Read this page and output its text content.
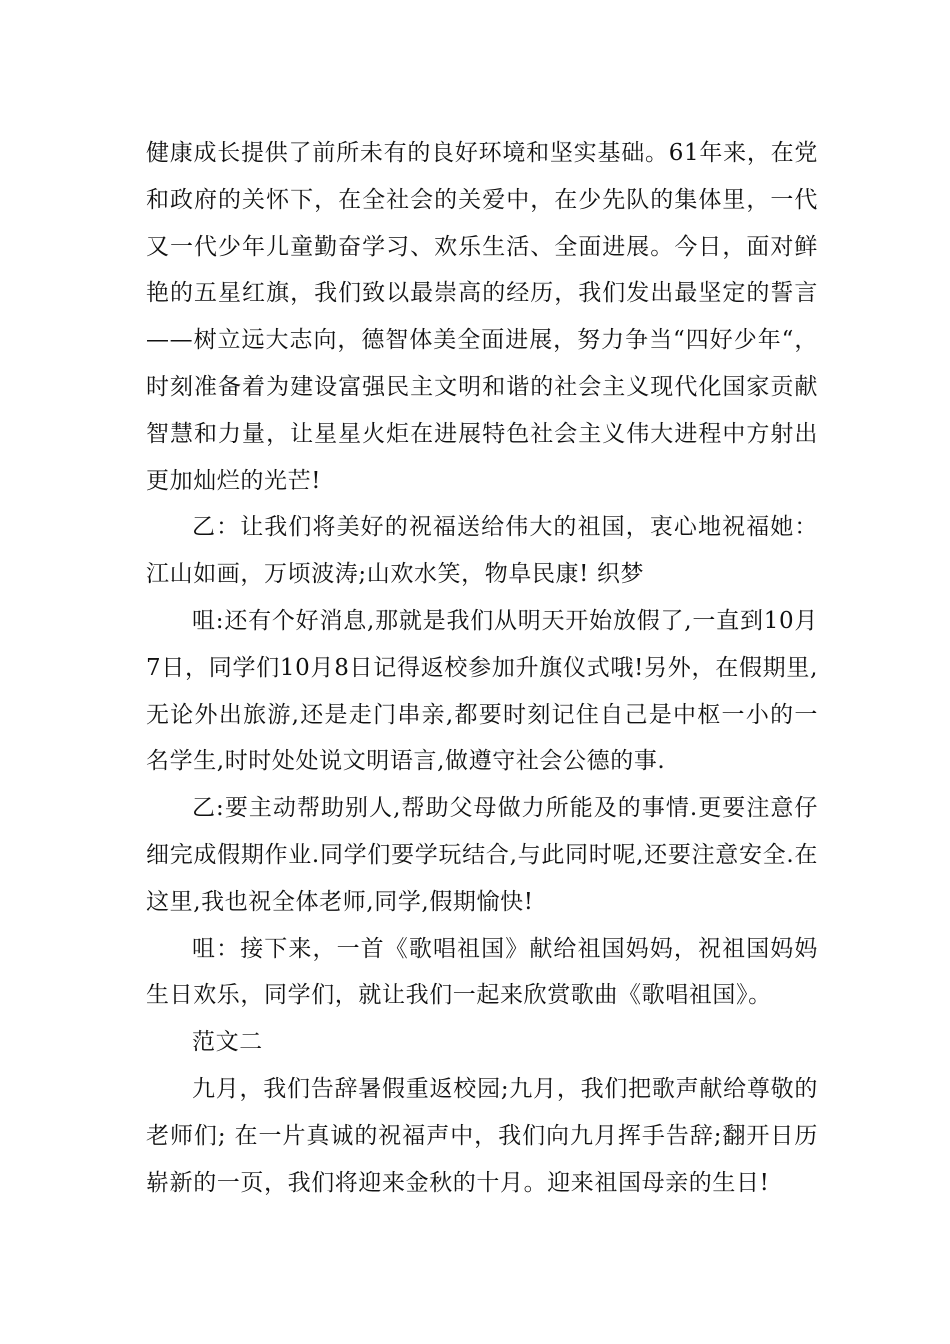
健康成长提供了前所未有的良好环境和坚实基础。61年来，在党和政府的关怀下，在全社会的关爱中，在少先队的集体里，一代又一代少年儿童勤奋学习、欢乐生活、全面进展。今日，面对鲜艳的五星红旗，我们致以最崇高的经历，我们发出最坚定的誓言——树立远大志向，德智体美全面进展，努力争当“四好少年“，时刻准备着为建设富强民主文明和谐的社会主义现代化国家贡献智慧和力量，让星星火炬在进展特色社会主义伟大进程中方射出更加灿烂的光芒!

乙：让我们将美好的祝福送给伟大的祖国，衷心地祝福她：江山如画，万顷波涛;山欢水笑，物阜民康! 织梦

咀:还有个好消息,那就是我们从明天开始放假了,一直到10月7日，同学们10月8日记得返校参加升旗仪式哦!另外，在假期里,无论外出旅游,还是走门串亲,都要时刻记住自己是中枢一小的一名学生,时时处处说文明语言,做遵守社会公德的事.

乙:要主动帮助别人,帮助父母做力所能及的事情.更要注意仔细完成假期作业.同学们要学玩结合,与此同时呢,还要注意安全.在这里,我也祝全体老师,同学,假期愉快!

咀：接下来，一首《歌唱祖国》献给祖国妈妈，祝祖国妈妈生日欢乐，同学们，就让我们一起来欣赏歌曲《歌唱祖国》。

范文二

九月，我们告辞暑假重返校园;九月，我们把歌声献给尊敬的老师们; 在一片真诚的祝福声中，我们向九月挥手告辞;翻开日历崭新的一页，我们将迎来金秋的十月。迎来祖国母亲的生日!
